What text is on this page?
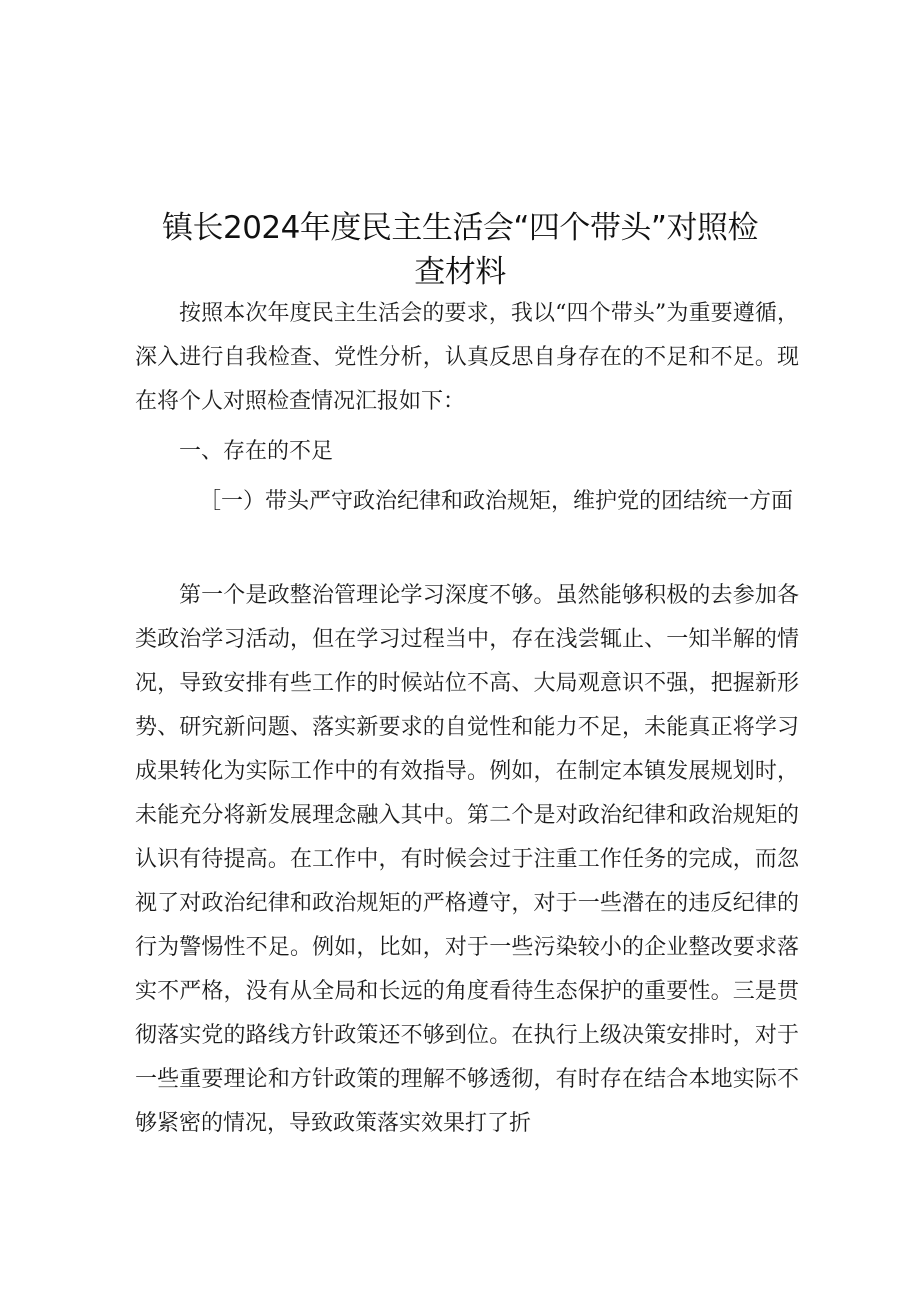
镇长2024年度民主生活会“四个带头”对照检
查材料

按照本次年度民主生活会的要求，我以“四个带头”为重要遵循，深入进行自我检查、党性分析，认真反思自身存在的不足和不足。现在将个人对照检查情况汇报如下：

一、存在的不足

［一）带头严守政治纪律和政治规矩，维护党的团结统一方面

第一个是政整治管理论学习深度不够。虽然能够积极的去参加各类政治学习活动，但在学习过程当中，存在浅尝辄止、一知半解的情况，导致安排有些工作的时候站位不高、大局观意识不强，把握新形势、研究新问题、落实新要求的自觉性和能力不足，未能真正将学习成果转化为实际工作中的有效指导。例如，在制定本镇发展规划时，未能充分将新发展理念融入其中。第二个是对政治纪律和政治规矩的认识有待提高。在工作中，有时候会过于注重工作任务的完成，而忽视了对政治纪律和政治规矩的严格遵守，对于一些潜在的违反纪律的行为警惕性不足。例如，比如，对于一些污染较小的企业整改要求落实不严格，没有从全局和长远的角度看待生态保护的重要性。三是贯彻落实党的路线方针政策还不够到位。在执行上级决策安排时，对于一些重要理论和方针政策的理解不够透彻，有时存在结合本地实际不够紧密的情况，导致政策落实效果打了折
